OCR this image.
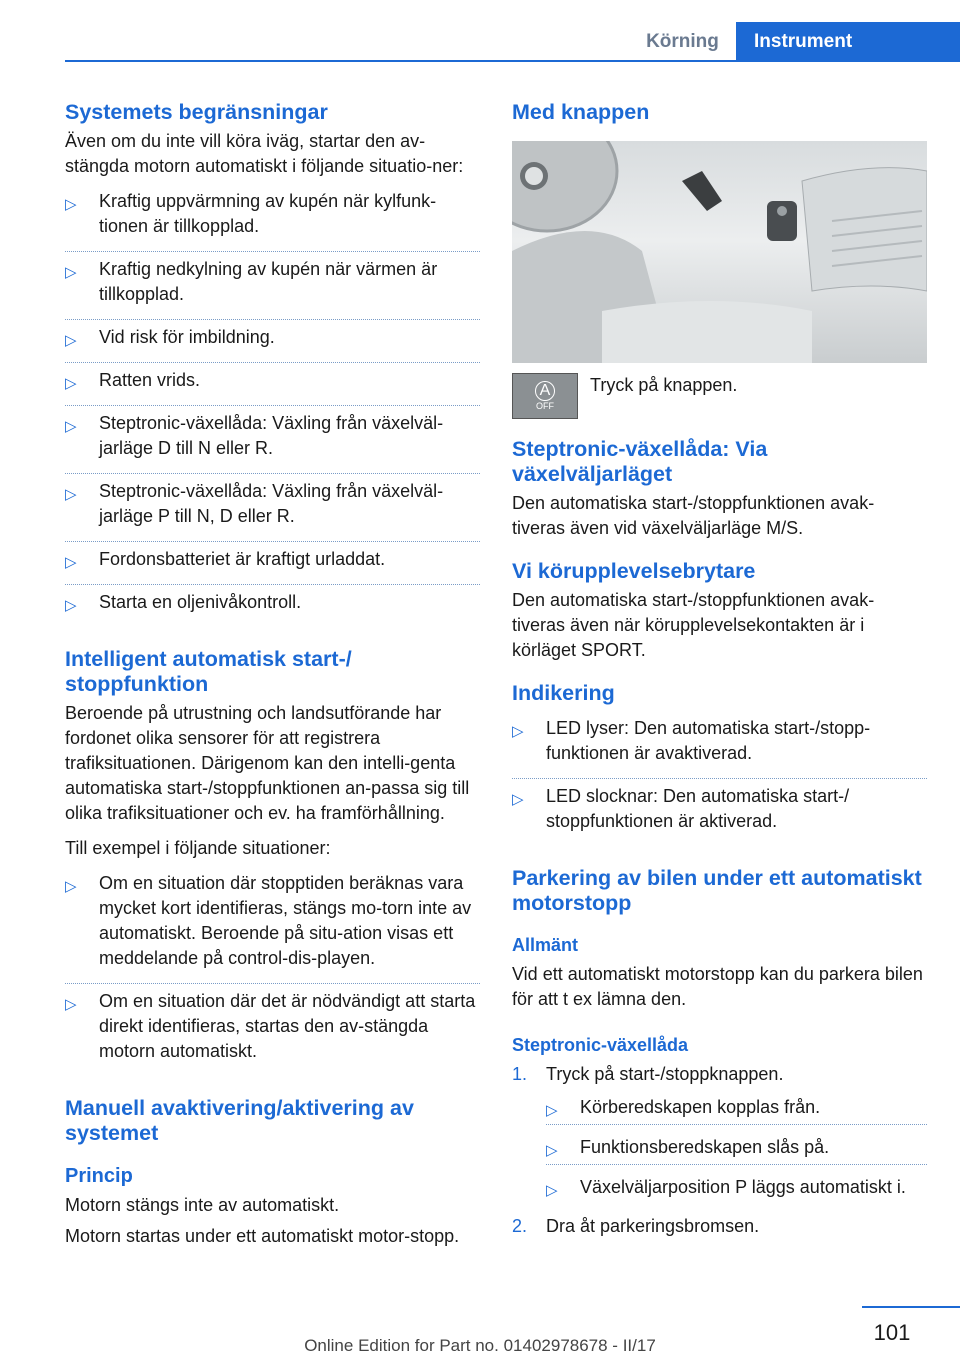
Körning	Instrument
Systemets begränsningar
Även om du inte vill köra iväg, startar den av-stängda motorn automatiskt i följande situatio-ner:
▷ Kraftig uppvärmning av kupén när kylfunk-tionen är tillkopplad.
▷ Kraftig nedkylning av kupén när värmen är tillkopplad.
▷ Vid risk för imbildning.
▷ Ratten vrids.
▷ Steptronic-växellåda: Växling från växelväl-jarläge D till N eller R.
▷ Steptronic-växellåda: Växling från växelväl-jarläge P till N, D eller R.
▷ Fordonsbatteriet är kraftigt urladdat.
▷ Starta en oljenivåkontroll.
Intelligent automatisk start-/ stoppfunktion
Beroende på utrustning och landsutförande har fordonet olika sensorer för att registrera trafiksituationen. Därigenom kan den intelli-genta automatiska start-/stoppfunktionen an-passa sig till olika trafiksituationer och ev. ha framförhållning.
Till exempel i följande situationer:
▷ Om en situation där stopptiden beräknas vara mycket kort identifieras, stängs mo-torn inte av automatiskt. Beroende på situ-ation visas ett meddelande på control-dis-playen.
▷ Om en situation där det är nödvändigt att starta direkt identifieras, startas den av-stängda motorn automatiskt.
Manuell avaktivering/aktivering av systemet
Princip
Motorn stängs inte av automatiskt.
Motorn startas under ett automatiskt motor-stopp.
Med knappen
A
OFF
Tryck på knappen.
Steptronic-växellåda: Via växelväljarläget
Den automatiska start-/stoppfunktionen avak-tiveras även vid växelväljarläge M/S.
Vi körupplevelsebrytare
Den automatiska start-/stoppfunktionen avak-tiveras även när körupplevelsekontakten är i körläget SPORT.
Indikering
▷ LED lyser: Den automatiska start-/stopp-funktionen är avaktiverad.
▷ LED slocknar: Den automatiska start-/ stoppfunktionen är aktiverad.
Parkering av bilen under ett automatiskt motorstopp
Allmänt
Vid ett automatiskt motorstopp kan du parkera bilen för att t ex lämna den.
Steptronic-växellåda
1. Tryck på start-/stoppknappen.
▷ Körberedskapen kopplas från.
▷ Funktionsberedskapen slås på.
▷ Växelväljarposition P läggs automatiskt i.
2. Dra åt parkeringsbromsen.
101
Online Edition for Part no. 01402978678 - II/17
